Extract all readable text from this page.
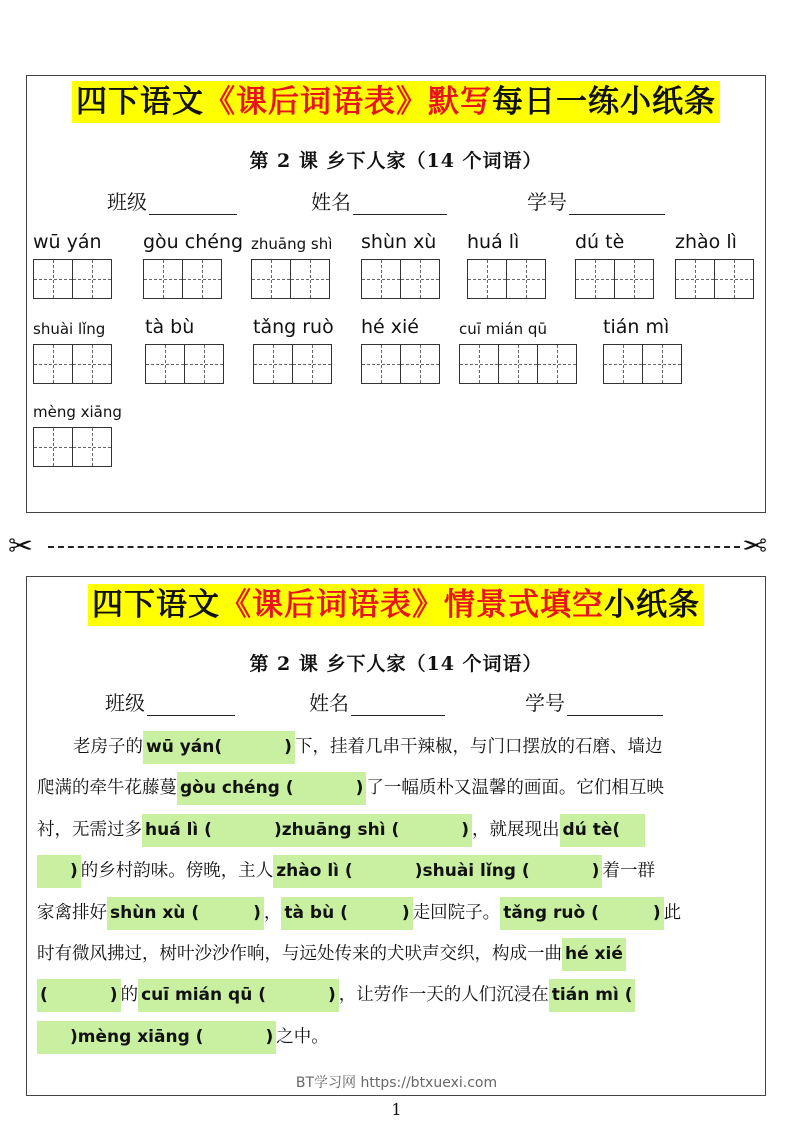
四下语文《课后词语表》默写每日一练小纸条
第 2 课 乡下人家（14 个词语）
班级	姓名	学号
wū yán gòu chéng zhuāng shì shùn xù huá lì	dú tè	zhào lì
shuài lǐng tà bù	tǎng ruò hé xié	cuī mián qū	tián mì
mèng xiāng
✂	✂
四下语文《课后词语表》情景式填空小纸条
第 2 课 乡下人家（14 个词语）
班级	姓名	学号
老房子的 wū yán(	) 下，挂着几串干辣椒，与门口摆放的石磨、墙边
爬满的牵牛花藤蔓 gòu chéng (	) 了一幅质朴又温馨的画面。它们相互映
衬，无需过多 huá lì (	)zhuāng shì (	) ，就展现出 dú tè(
) 的乡村韵味。傍晚，主人 zhào lì (	)shuài lǐng (	) 着一群
家禽排好 shùn xù (	) ， tà bù (	) 走回院子。 tǎng ruò (	) 此
时有微风拂过，树叶沙沙作响，与远处传来的犬吠声交织，构成一曲 hé xié
(	) 的 cuī mián qū (	) ，让劳作一天的人们沉浸在 tián mì (
)mèng xiāng (	) 之中。
BT学习网 https://btxuexi.com
1
